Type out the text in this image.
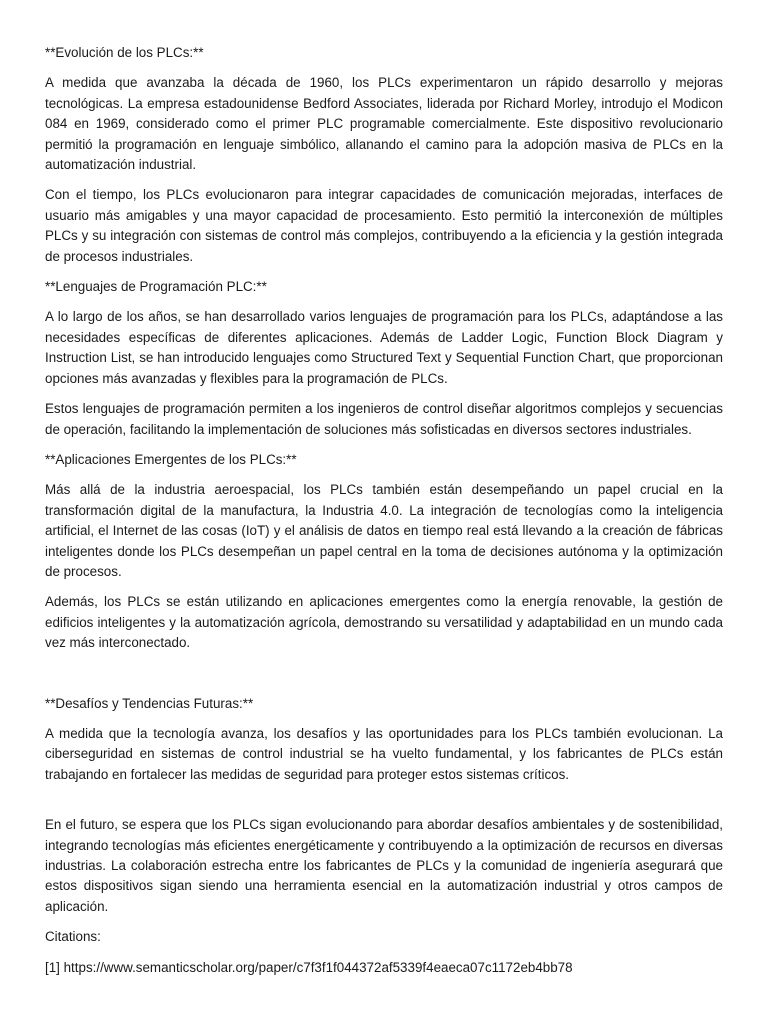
**Evolución de los PLCs:**

A medida que avanzaba la década de 1960, los PLCs experimentaron un rápido desarrollo y mejoras tecnológicas. La empresa estadounidense Bedford Associates, liderada por Richard Morley, introdujo el Modicon 084 en 1969, considerado como el primer PLC programable comercialmente. Este dispositivo revolucionario permitió la programación en lenguaje simbólico, allanando el camino para la adopción masiva de PLCs en la automatización industrial.

Con el tiempo, los PLCs evolucionaron para integrar capacidades de comunicación mejoradas, interfaces de usuario más amigables y una mayor capacidad de procesamiento. Esto permitió la interconexión de múltiples PLCs y su integración con sistemas de control más complejos, contribuyendo a la eficiencia y la gestión integrada de procesos industriales.

**Lenguajes de Programación PLC:**

A lo largo de los años, se han desarrollado varios lenguajes de programación para los PLCs, adaptándose a las necesidades específicas de diferentes aplicaciones. Además de Ladder Logic, Function Block Diagram y Instruction List, se han introducido lenguajes como Structured Text y Sequential Function Chart, que proporcionan opciones más avanzadas y flexibles para la programación de PLCs.

Estos lenguajes de programación permiten a los ingenieros de control diseñar algoritmos complejos y secuencias de operación, facilitando la implementación de soluciones más sofisticadas en diversos sectores industriales.

**Aplicaciones Emergentes de los PLCs:**

Más allá de la industria aeroespacial, los PLCs también están desempeñando un papel crucial en la transformación digital de la manufactura, la Industria 4.0. La integración de tecnologías como la inteligencia artificial, el Internet de las cosas (IoT) y el análisis de datos en tiempo real está llevando a la creación de fábricas inteligentes donde los PLCs desempeñan un papel central en la toma de decisiones autónoma y la optimización de procesos.

Además, los PLCs se están utilizando en aplicaciones emergentes como la energía renovable, la gestión de edificios inteligentes y la automatización agrícola, demostrando su versatilidad y adaptabilidad en un mundo cada vez más interconectado.

**Desafíos y Tendencias Futuras:**

A medida que la tecnología avanza, los desafíos y las oportunidades para los PLCs también evolucionan. La ciberseguridad en sistemas de control industrial se ha vuelto fundamental, y los fabricantes de PLCs están trabajando en fortalecer las medidas de seguridad para proteger estos sistemas críticos.

En el futuro, se espera que los PLCs sigan evolucionando para abordar desafíos ambientales y de sostenibilidad, integrando tecnologías más eficientes energéticamente y contribuyendo a la optimización de recursos en diversas industrias. La colaboración estrecha entre los fabricantes de PLCs y la comunidad de ingeniería asegurará que estos dispositivos sigan siendo una herramienta esencial en la automatización industrial y otros campos de aplicación.

Citations:

[1] https://www.semanticscholar.org/paper/c7f3f1f044372af5339f4eaeca07c1172eb4bb78
